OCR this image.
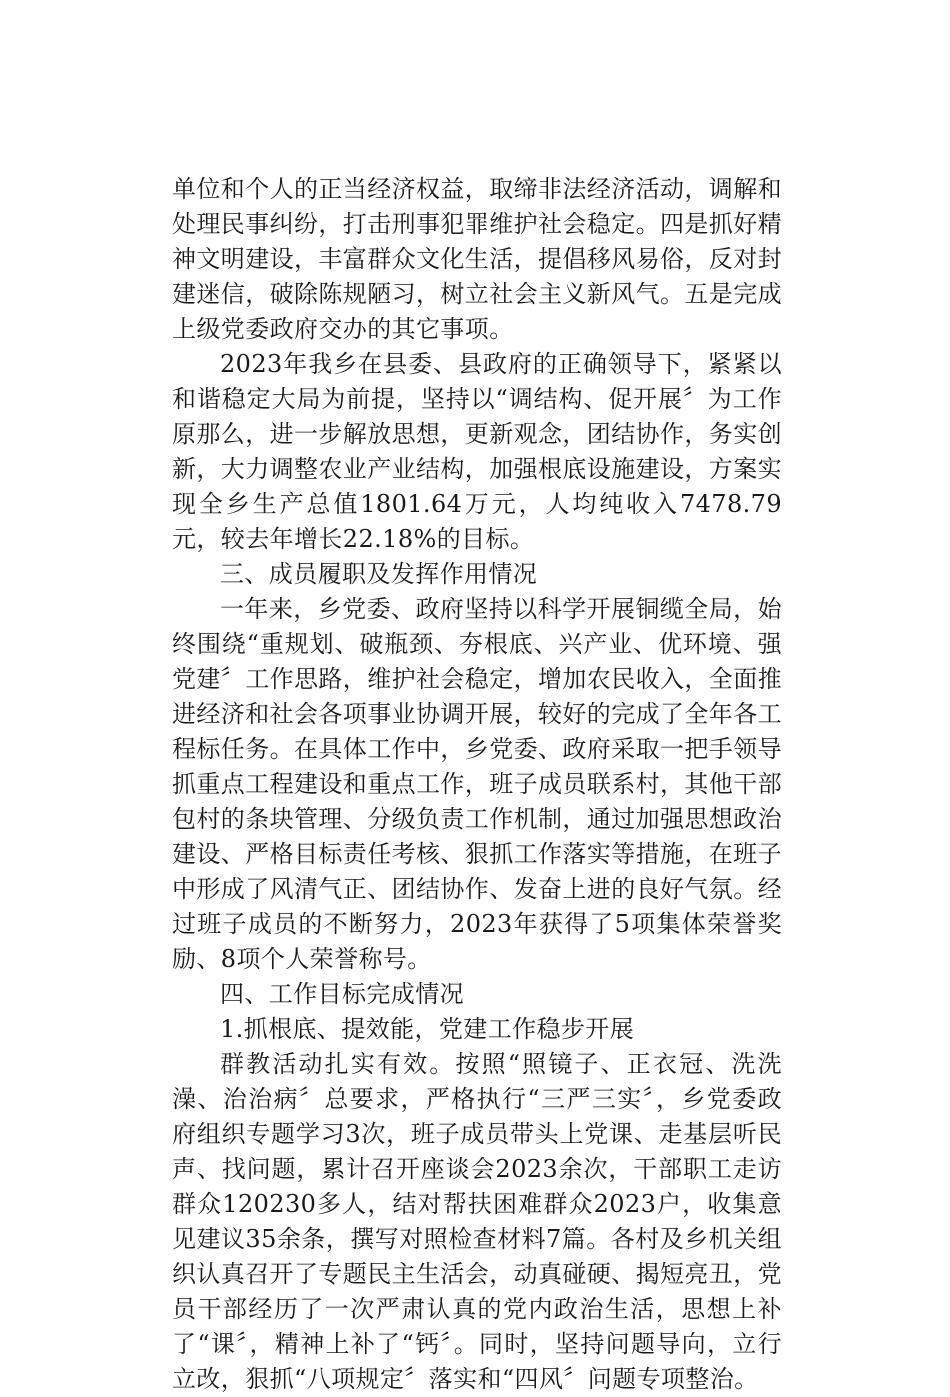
单位和个人的正当经济权益，取缔非法经济活动，调解和处理民事纠纷，打击刑事犯罪维护社会稳定。四是抓好精神文明建设，丰富群众文化生活，提倡移风易俗，反对封建迷信，破除陈规陋习，树立社会主义新风气。五是完成上级党委政府交办的其它事项。

2023年我乡在县委、县政府的正确领导下，紧紧以和谐稳定大局为前提，坚持以“调结构、促开展〞为工作原那么，进一步解放思想，更新观念，团结协作，务实创新，大力调整农业产业结构，加强根底设施建设，方案实现全乡生产总值1801.64万元，人均纯收入7478.79元，较去年增长22.18%的目标。

三、成员履职及发挥作用情况

一年来，乡党委、政府坚持以科学开展铜缆全局，始终围绕“重规划、破瓶颈、夯根底、兴产业、优环境、强党建〞工作思路，维护社会稳定，增加农民收入，全面推进经济和社会各项事业协调开展，较好的完成了全年各工程标任务。在具体工作中，乡党委、政府采取一把手领导抓重点工程建设和重点工作，班子成员联系村，其他干部包村的条块管理、分级负责工作机制，通过加强思想政治建设、严格目标责任考核、狠抓工作落实等措施，在班子中形成了风清气正、团结协作、发奋上进的良好气氛。经过班子成员的不断努力，2023年获得了5项集体荣誉奖励、8项个人荣誉称号。

四、工作目标完成情况

1.抓根底、提效能，党建工作稳步开展

群教活动扎实有效。按照“照镜子、正衣冠、洗洗澡、治治病〞总要求，严格执行“三严三实〞，乡党委政府组织专题学习3次，班子成员带头上党课、走基层听民声、找问题，累计召开座谈会2023余次，干部职工走访群众120230多人，结对帮扶困难群众2023户，收集意见建议35余条，撰写对照检查材料7篇。各村及乡机关组织认真召开了专题民主生活会，动真碰硬、揭短亮丑，党员干部经历了一次严肃认真的党内政治生活，思想上补了“课〞，精神上补了“钙〞。同时，坚持问题导向，立行立改，狠抓“八项规定〞落实和“四风〞问题专项整治。
